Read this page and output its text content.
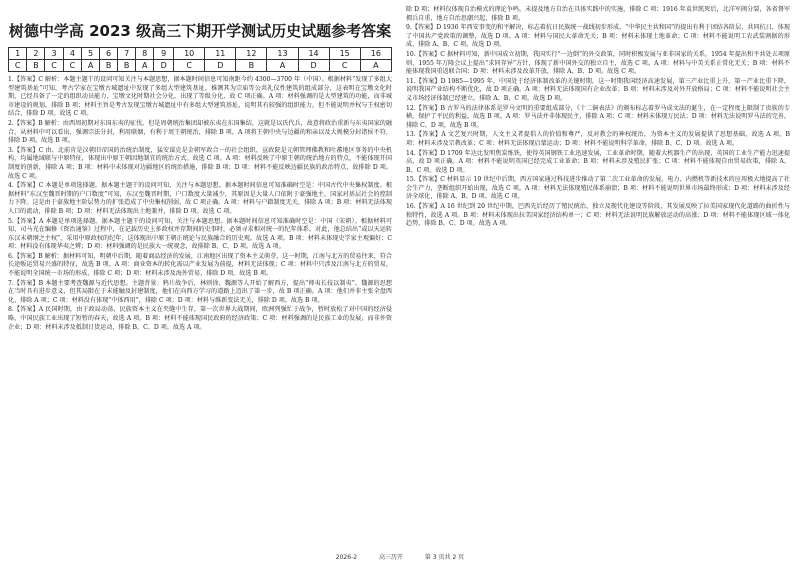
树德中学高 2023 级高三下期开学测试历史试题参考答案
1	2	3	4	5	6	7	8	9	10	11	12	13	14	15	16
C	B	C	C	A	B	B	A	D	C	D	B	A	D	C	A

1.【答案】C 解析：本题主题干的设问可知关注与本题思想，据本题时间信息可知南距今约 4300—3700 年（中国）。根据材料“发现了多组大型建筑基址”可知，考古学家在宝墩古城遗址中发现了多组大型建筑基址。推测其为宗庙等公共礼仪性建筑的组成部分，这表明在宝墩文化时期，已经具备了一定的组织动员能力，宝墩文化时期社会分化，出现了等级分化，故 C 项正确。A 项：材料强调的是大型建筑的功能，而非城市建设的规划，排除 B 项；材料主旨是考古发现宝墩古城遗址中有多组大型建筑基址，说明其有较强的组织能力，但不能说明并权与王权密切结合，排除 D 项。故选 C 项。

2.【答案】B 解析：由西周初期对东国东夷的征伐，但是周朝统治集团却被东夷在东国集结，这就是以氏代兵，故意将政治重新与东夷国家的融合，从材料中可以看出，强调宗法分封，利用联姻，有利于周王朝统治，排除 B 项，A 项将王朝中央与边疆的和亲以及大规模分封诸侯不符，排除 D 项。故选 B 项。

3.【答案】C 由、北前肯是汉朝旧帝国的治统治制度，猛安谋克是金朝军政合一的社会组织，宣政院是元朝管理佛教和吐蕃地区事务的中央机构，均属地域联与中原特征，体现出中原王朝因地制宜的统治方式。故选 C 项。A 项：材料反映了中原王朝的统治地方的特点，不能体现开国制度的创新，排除 A 项；B 项：材料中未体现对边疆地区的统治措施，排除 B 项；D 项：材料不能反映边疆民族的政治特点，故排除 D 项。故选 C 项。

4.【答案】C 本题是单项选择题。据本题主题干的设问可知，关注与本题思想。据本题时间信息可知准确时空是：中国古代中央集权制度。根据材料“东汉至魏晋时期的户口数度”可知，东汉至魏晋时期，户口数度大量减少，其原因是大量人口依附于豪强地主，国家对基层社会的控制力下降。这是由于豪族地主阶层势力的扩张造成了中央集权削弱，故 C 项正确。A 项：材料与户籍制度无关，排除 A 项；B 项：材料无法体现人口的流动，排除 B 项；D 项：材料无法体现出土地兼并，排除 D 项。故选 C 项。

5.【答案】A 本题是单项选择题。据本题主题干的设问可知，关注与本题思想。据本题时间信息可知准确时空是：中国（宋朝）。根据材料可知，司马光在编修《资治通鉴》过程中，在记载历史上多政权并存期间的史事时，必须寻求相对统一的纪年体系。对此，他总结出“或以天运转东汉末朝纲之主权”，采用中原政权的纪年，这体现出中原王朝正统论与民族融合的历史观。故选 A 项。B 项：材料未体现史学家主观偏好；C 项：材料没有体现华夷之辨；D 项：材料强调的是民族大一统观念，故排除 B、C、D 项。故选 A 项。

6.【答案】B 解析：据材料可知，明朝中后期，随着商品经济的发展，江南地区出现了资本主义萌芽，这一时期，江南与北方的贸易往来，符合长途贩运贸易兴盛的特征，故选 B 项。A 项：商业资本的转化需以产业发展为前提，材料无法体现；C 项：材料中只涉及江南与北方的贸易，不能说明全国统一市场的形成，排除 C 项；D 项：材料未涉及海外贸易，排除 D 项。故选 B 项。

7.【答案】B 本题主要考查魏源与近代思想。主题背景：鸦片战争后，林则徐、魏源等人开始了解西方，提出“师夷长技以制夷”，魏源的思想在当时具有进步意义，但其局限在于未能触及封建制度，他们在向西方学习的道路上迈出了第一步，故 B 项正确。A 项：他们并非主张全盘西化，排除 A 项；C 项：材料没有体现“中体西用”，排除 C 项；D 项：材料与维新变法无关，排除 D 项。故选 B 项。

8.【答案】A 民国时期，由于政局动荡，民族资本主义在夹缝中生存，第一次世界大战期间，欧洲列强忙于战争，暂时放松了对中国的经济侵略，中国民族工业出现了短暂的春天，故选 A 项。B 项：材料不能体现国民政府的经济政策；C 项：材料强调的是民族工业的发展，而非外资企业；D 项：材料未涉及抵制日货运动，排除 B、C、D 项。故选 A 项。

除 D 项；材料仅体现自治模式的理论争鸣，未提及地方自治在具体实践中的实施，排除 C 项；1916 年袁世凯死后，北洋军阀分裂，各省督军拥兵自重，地方自治思潮兴起，排除 B 项。

9.【答案】D 1936 年西安事变的和平解决，标志着抗日民族统一战线初步形成。“中华民主共和国”的提出有利于团结各阶层，共同抗日，体现了中国共产党政策的调整，故选 D 项。A 项：材料与国民大革命无关；B 项：材料未体现土地革命；C 项：材料不能说明工农武装割据的形成，排除 A、B、C 项。故选 D 项。

10.【答案】C 据材料可知，新中国成立初期，我国实行“一边倒”的外交政策，同时积极发展与亚非国家的关系，1954 年提出和平共处五项原则，1955 年万隆会议上提出“求同存异”方针，体现了新中国外交的独立自主，故选 C 项。A 项：材料与中美关系正常化无关；B 项：材料不能体现我国重返联合国；D 项：材料未涉及改革开放，排除 A、B、D 项。故选 C 项。

11.【答案】D 1985—1995 年，中国处于经济体制改革的关键时期，这一时期我国经济高速发展，第三产业比重上升，第一产业比重下降，说明我国产业结构不断优化，故 D 项正确。A 项：材料无法体现国有企业改革；B 项：材料未涉及对外开放格局；C 项：材料不能说明社会主义市场经济体制已经建立，排除 A、B、C 项。故选 D 项。

12.【答案】B 古罗马的法律体系是罗马文明的重要组成部分，《十二铜表法》的颁布标志着罗马成文法的诞生，在一定程度上限制了贵族的专横，保护了平民的利益，故选 B 项。A 项：罗马法并非体现民主，排除 A 项；C 项：材料未体现万民法；D 项：材料无法说明罗马法的完善，排除 C、D 项。故选 B 项。

13.【答案】A 文艺复兴时期，人文主义者提倡人的价值和尊严，反对教会的神权统治，为资本主义的发展提供了思想基础，故选 A 项。B 项：材料未涉及宗教改革；C 项：材料无法体现启蒙运动；D 项：材料不能说明科学革命，排除 B、C、D 项。故选 A 项。

14.【答案】D 1709 年达比发明焦炭炼铁，使得英国钢铁工业迅速发展，工业革命时期，随着大机器生产的出现，英国的工业生产能力迅速提高，故 D 项正确。A 项：材料不能说明英国已经完成工业革命；B 项：材料未涉及殖民扩张；C 项：材料不能体现自由贸易政策，排除 A、B、C 项。故选 D 项。

15.【答案】C 材料显示 19 世纪中后期，西方国家通过科技进步推动了第二次工业革命的发展，电力、内燃机等新技术的应用极大地提高了社会生产力，垄断组织开始出现，故选 C 项。A 项：材料无法体现殖民体系崩溃；B 项：材料不能说明世界市场最终形成；D 项：材料未涉及经济全球化，排除 A、B、D 项。故选 C 项。

16.【答案】A 16 世纪到 20 世纪中期，巴西先后经历了殖民统治、独立及现代化建设等阶段，其发展反映了拉美国家现代化道路的曲折性与独特性，故选 A 项。B 项：材料未体现出拉美国家经济结构单一；C 项：材料无法说明民族解放运动的高涨；D 项：材料不能体现区域一体化趋势，排除 B、C、D 项。故选 A 项。

2026-2	高三历开	第 3 页共 2 页
